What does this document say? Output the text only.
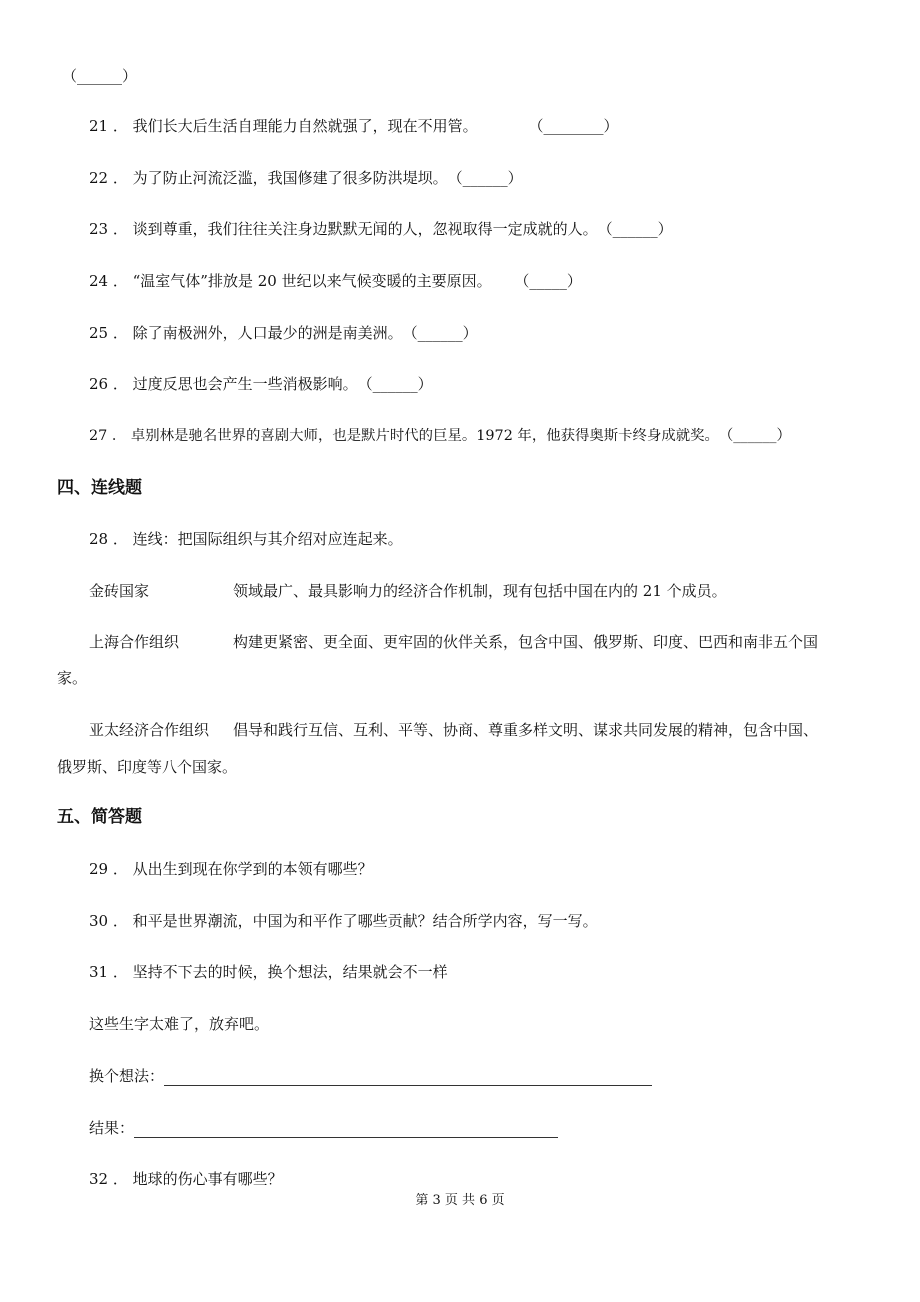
（______）
21 ． 我们长大后生活自理能力自然就强了，现在不用管。	（________）
22 ． 为了防止河流泛滥，我国修建了很多防洪堤坝。（______）
23 ． 谈到尊重，我们往往关注身边默默无闻的人，忽视取得一定成就的人。（______）
24 ． “温室气体”排放是 20 世纪以来气候变暖的主要原因。 （_____）
25 ． 除了南极洲外，人口最少的洲是南美洲。（______）
26 ． 过度反思也会产生一些消极影响。（______）
27 ． 卓别林是驰名世界的喜剧大师，也是默片时代的巨星。1972 年，他获得奥斯卡终身成就奖。（______）
四、连线题
28 ． 连线：把国际组织与其介绍对应连起来。
金砖国家	领域最广、最具影响力的经济合作机制，现有包括中国在内的 21 个成员。
上海合作组织	构建更紧密、更全面、更牢固的伙伴关系，包含中国、俄罗斯、印度、巴西和南非五个国
家。
亚太经济合作组织 倡导和践行互信、互利、平等、协商、尊重多样文明、谋求共同发展的精神，包含中国、
俄罗斯、印度等八个国家。
五、简答题
29 ． 从出生到现在你学到的本领有哪些？
30 ． 和平是世界潮流，中国为和平作了哪些贡献？结合所学内容，写一写。
31 ． 坚持不下去的时候，换个想法，结果就会不一样
这些生字太难了，放弃吧。
换个想法：
结果：
32 ． 地球的伤心事有哪些？
第 3 页 共 6 页
